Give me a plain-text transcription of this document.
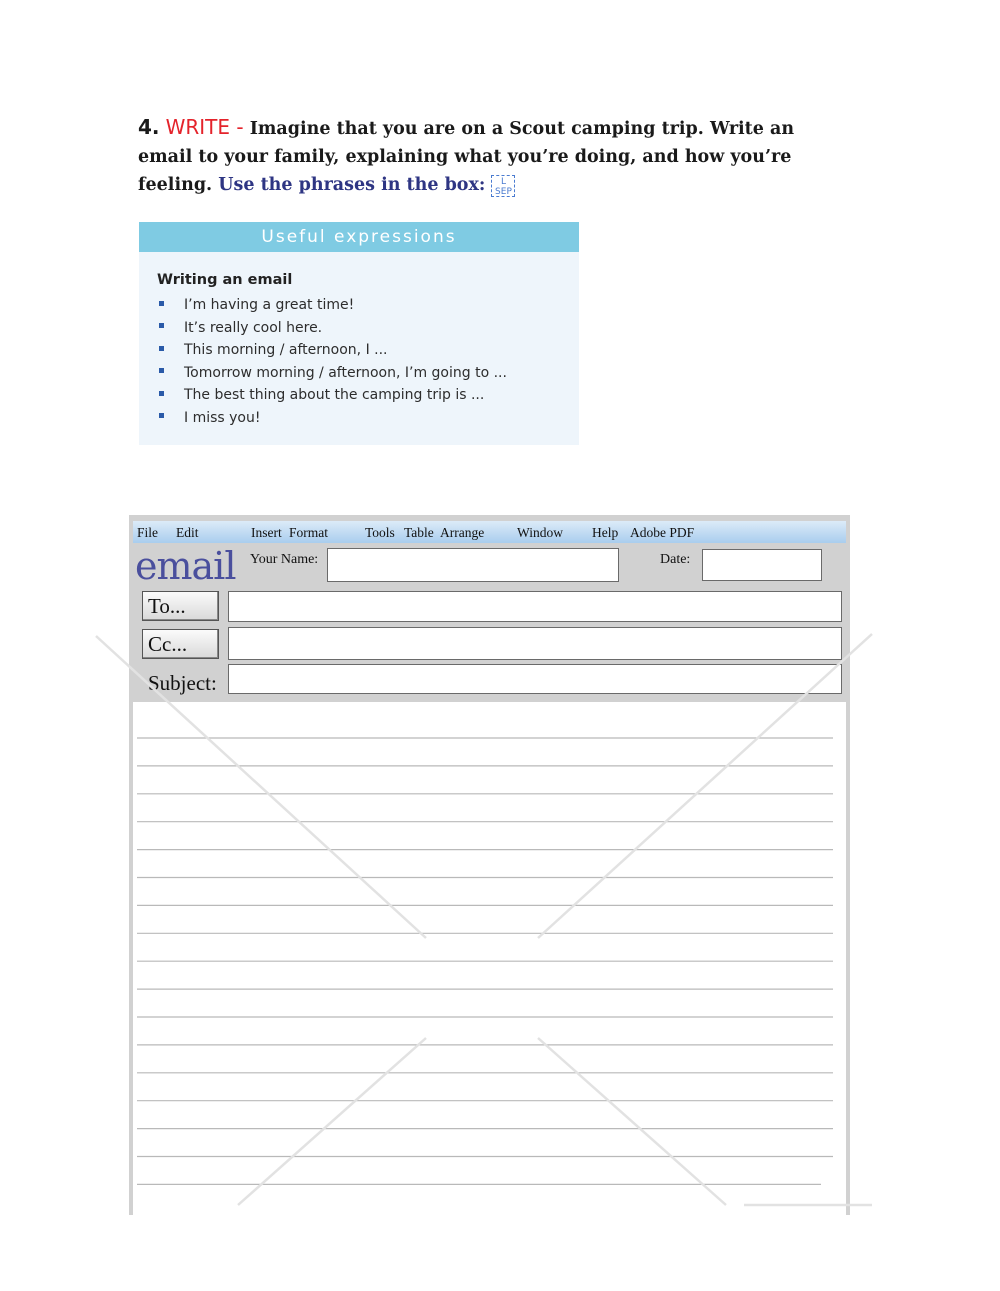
4. WRITE - Imagine that you are on a Scout camping trip. Write an email to your family, explaining what you’re doing, and how you’re feeling. Use the phrases in the box: L
SEP
Useful expressions
Writing an email
I’m having a great time!
It’s really cool here.
This morning / afternoon, I ...
Tomorrow morning / afternoon, I’m going to ...
The best thing about the camping trip is ...
I miss you!
File Edit	Insert Format	Tools Table Arrange Window Help Adobe PDF
email Your Name:	Date:
To...
Cc...
Subject:
